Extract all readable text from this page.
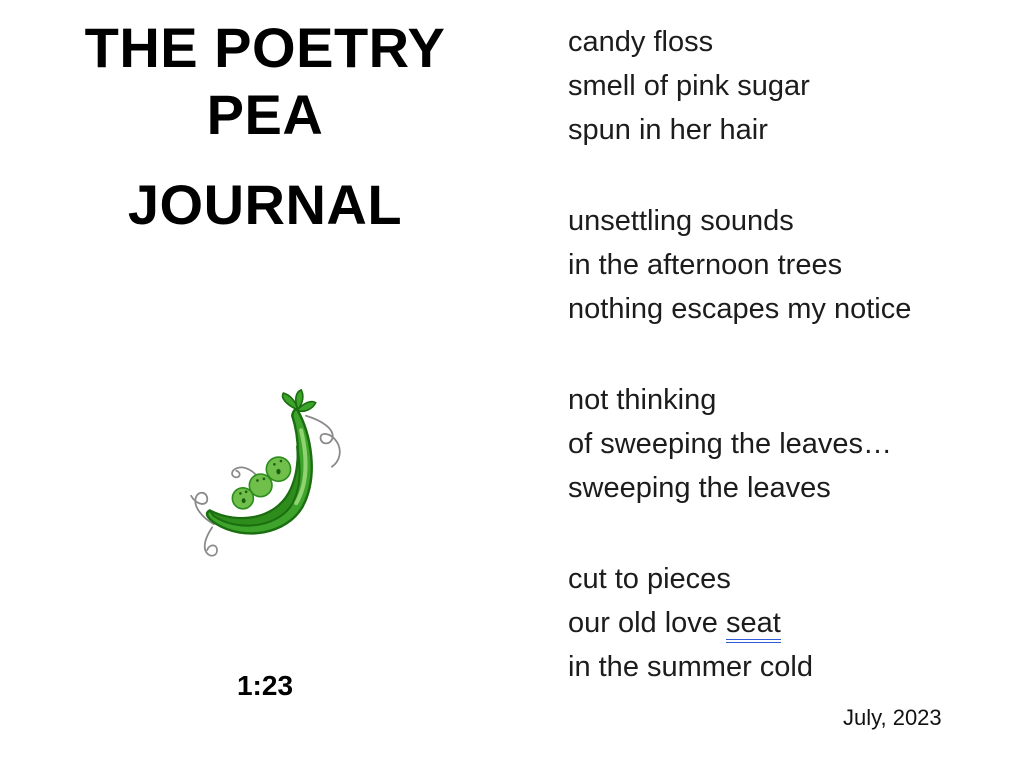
THE POETRY PEA
JOURNAL
1:23
candy floss
smell of pink sugar
spun in her hair
unsettling sounds
in the afternoon trees
nothing escapes my notice
not thinking
of sweeping the leaves…
sweeping the leaves
cut to pieces
our old love seat
in the summer cold
July, 2023
